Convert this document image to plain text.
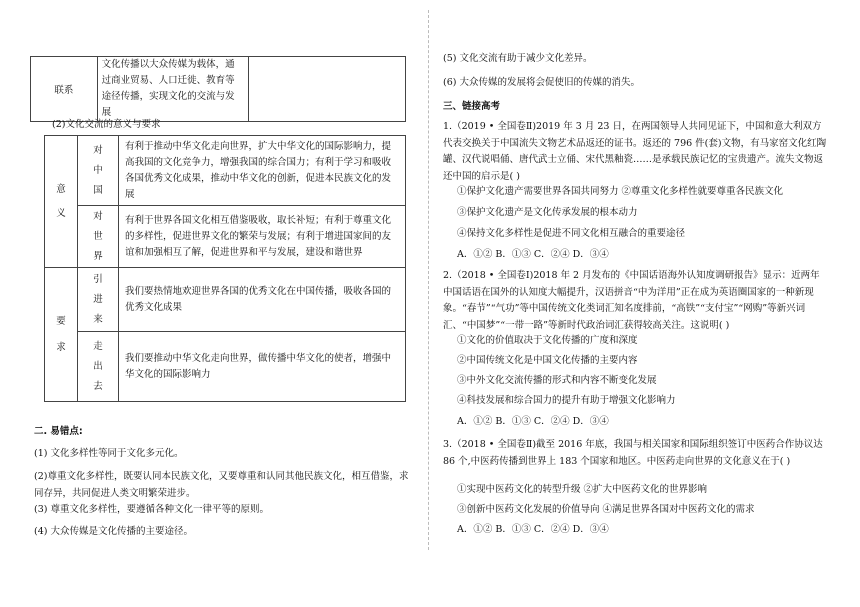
联系	文化传播以大众传媒为载体，通过商业贸易、人口迁徙、教育等途径传播，实现文化的交流与发展	
(2)文化交流的意义与要求
意义	对中国	有利于推动中华文化走向世界，扩大中华文化的国际影响力，提高我国的文化竞争力，增强我国的综合国力；有利于学习和吸收各国优秀文化成果，推动中华文化的创新，促进本民族文化的发展

	对世界	有利于世界各国文化相互借鉴吸收，取长补短；有利于尊重文化的多样性，促进世界文化的繁荣与发展；有利于增进国家间的友谊和加强相互了解，促进世界和平与发展，建设和谐世界

要求	引进来	我们要热情地欢迎世界各国的优秀文化在中国传播，吸收各国的优秀文化成果

	走出去	我们要推动中华文化走向世界，做传播中华文化的使者，增强中华文化的国际影响力
二. 易错点:
(1) 文化多样性等同于文化多元化。
(2)尊重文化多样性，既要认同本民族文化，又要尊重和认同其他民族文化，相互借鉴，求同存异，共同促进人类文明繁荣进步。
(3) 尊重文化多样性，要遵循各种文化一律平等的原则。
(4) 大众传媒是文化传播的主要途径。
(5) 文化交流有助于减少文化差异。
(6) 大众传媒的发展将会促使旧的传媒的消失。
三、链接高考
1.（2019 • 全国卷Ⅱ)2019 年 3 月 23 日，在两国领导人共同见证下，中国和意大利双方代表交换关于中国流失文物艺术品返还的证书。返还的 796 件(套)文物，有马家窑文化红陶罐、汉代说唱俑、唐代武士立俑、宋代黑釉瓷……是承载民族记忆的宝贵遗产。流失文物返还中国的启示是( )
①保护文化遗产需要世界各国共同努力 ②尊重文化多样性就要尊重各民族文化
③保护文化遗产是文化传承发展的根本动力
④保持文化多样性是促进不同文化相互融合的重要途径
A．①② B．①③ C．②④ D．③④
2.（2018 • 全国卷Ⅰ)2018 年 2 月发布的《中国话语海外认知度调研报告》显示：近两年中国话语在国外的认知度大幅提升，汉语拼音“中为洋用”正在成为英语圈国家的一种新现象。“春节”“气功”等中国传统文化类词汇知名度排前，“高铁”“支付宝”“网购”等新兴词汇、“中国梦”“一带一路”等新时代政治词汇获得较高关注。这说明( )
①文化的价值取决于文化传播的广度和深度
②中国传统文化是中国文化传播的主要内容
③中外文化交流传播的形式和内容不断变化发展
④科技发展和综合国力的提升有助于增强文化影响力
A．①② B．①③ C．②④ D．③④
3.（2018 • 全国卷Ⅱ)截至 2016 年底，我国与相关国家和国际组织签订中医药合作协议达 86 个,中医药传播到世界上 183 个国家和地区。中医药走向世界的文化意义在于( )
①实现中医药文化的转型升级 ②扩大中医药文化的世界影响
③创新中医药文化发展的价值导向 ④满足世界各国对中医药文化的需求
A．①② B．①③ C．②④ D．③④
